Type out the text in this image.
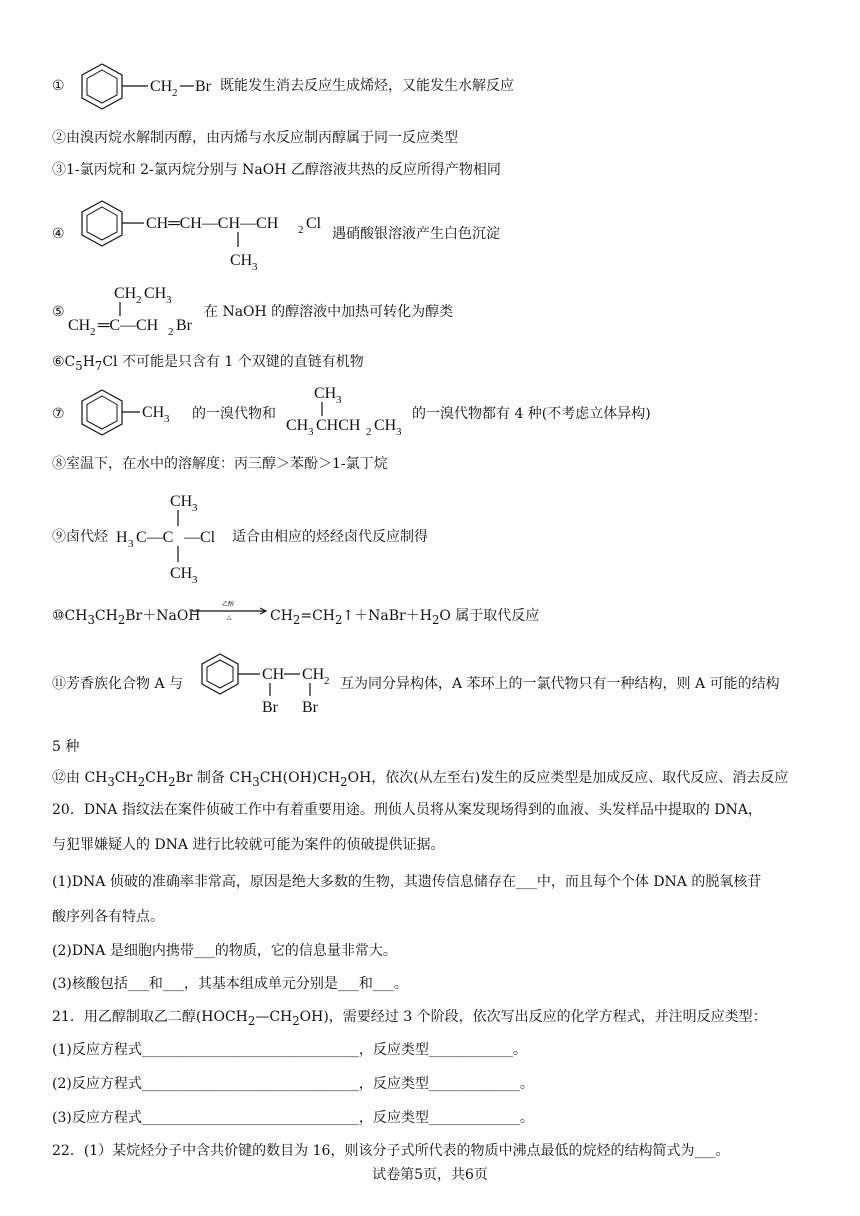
①	CH 2 Br 既能发生消去反应生成烯烃，又能发生水解反应
②由溴丙烷水解制丙醇，由丙烯与水反应制丙醇属于同一反应类型
③1-氯丙烷和 2-氯丙烷分别与 NaOH 乙醇溶液共热的反应所得产物相同
④
CH═CH—CH—CH 2 Cl
CH 3
遇硝酸银溶液产生白色沉淀
⑤
CH 2 CH 3
CH 2 ═C—CH 2 Br
在 NaOH 的醇溶液中加热可转化为醇类
$⑥C_5H_7Cl$ 不可能是只含有 1 个双键的直链有机物
⑦	CH 3 的一溴代物和
CH 3
CH 3 CHCH 2 CH 3
的一溴代物都有 4 种(不考虑立体异构)
⑧室温下，在水中的溶解度：丙三醇＞苯酚＞1-氯丁烷
⑨卤代烃
CH 3
H 3 C—C —Cl
CH 3
适合由相应的烃经卤代反应制得
$⑩CH_3CH_2Br+NaOH$
乙醇
△	$CH_2=CH_2↑+NaBr+H_2O$ 属于取代反应
⑪芳香族化合物 A 与
CH CH 2
Br Br
互为同分异构体，A 苯环上的一氯代物只有一种结构，则 A 可能的结构
5 种
⑫由 $CH_3CH_2CH_2Br$ 制备 $CH_3CH(OH)CH_2OH$，依次(从左至右)发生的反应类型是加成反应、取代反应、消去反应
20．DNA 指纹法在案件侦破工作中有着重要用途。刑侦人员将从案发现场得到的血液、头发样品中提取的 DNA，
与犯罪嫌疑人的 DNA 进行比较就可能为案件的侦破提供证据。
(1)DNA 侦破的准确率非常高，原因是绝大多数的生物，其遗传信息储存在___中，而且每个个体 DNA 的脱氧核苷
酸序列各有特点。
(2)DNA 是细胞内携带___的物质，它的信息量非常大。
(3)核酸包括___和___，其基本组成单元分别是___和___。
21．用乙醇制取乙二醇$(HOCH_2—CH_2OH)$，需要经过 3 个阶段，依次写出反应的化学方程式，并注明反应类型：
(1)反应方程式_______________________________，反应类型____________。
(2)反应方程式_______________________________，反应类型_____________。
(3)反应方程式_______________________________，反应类型_____________。
22．(1）某烷烃分子中含共价键的数目为 16，则该分子式所代表的物质中沸点最低的烷烃的结构简式为___。
试卷第5页，共6页
